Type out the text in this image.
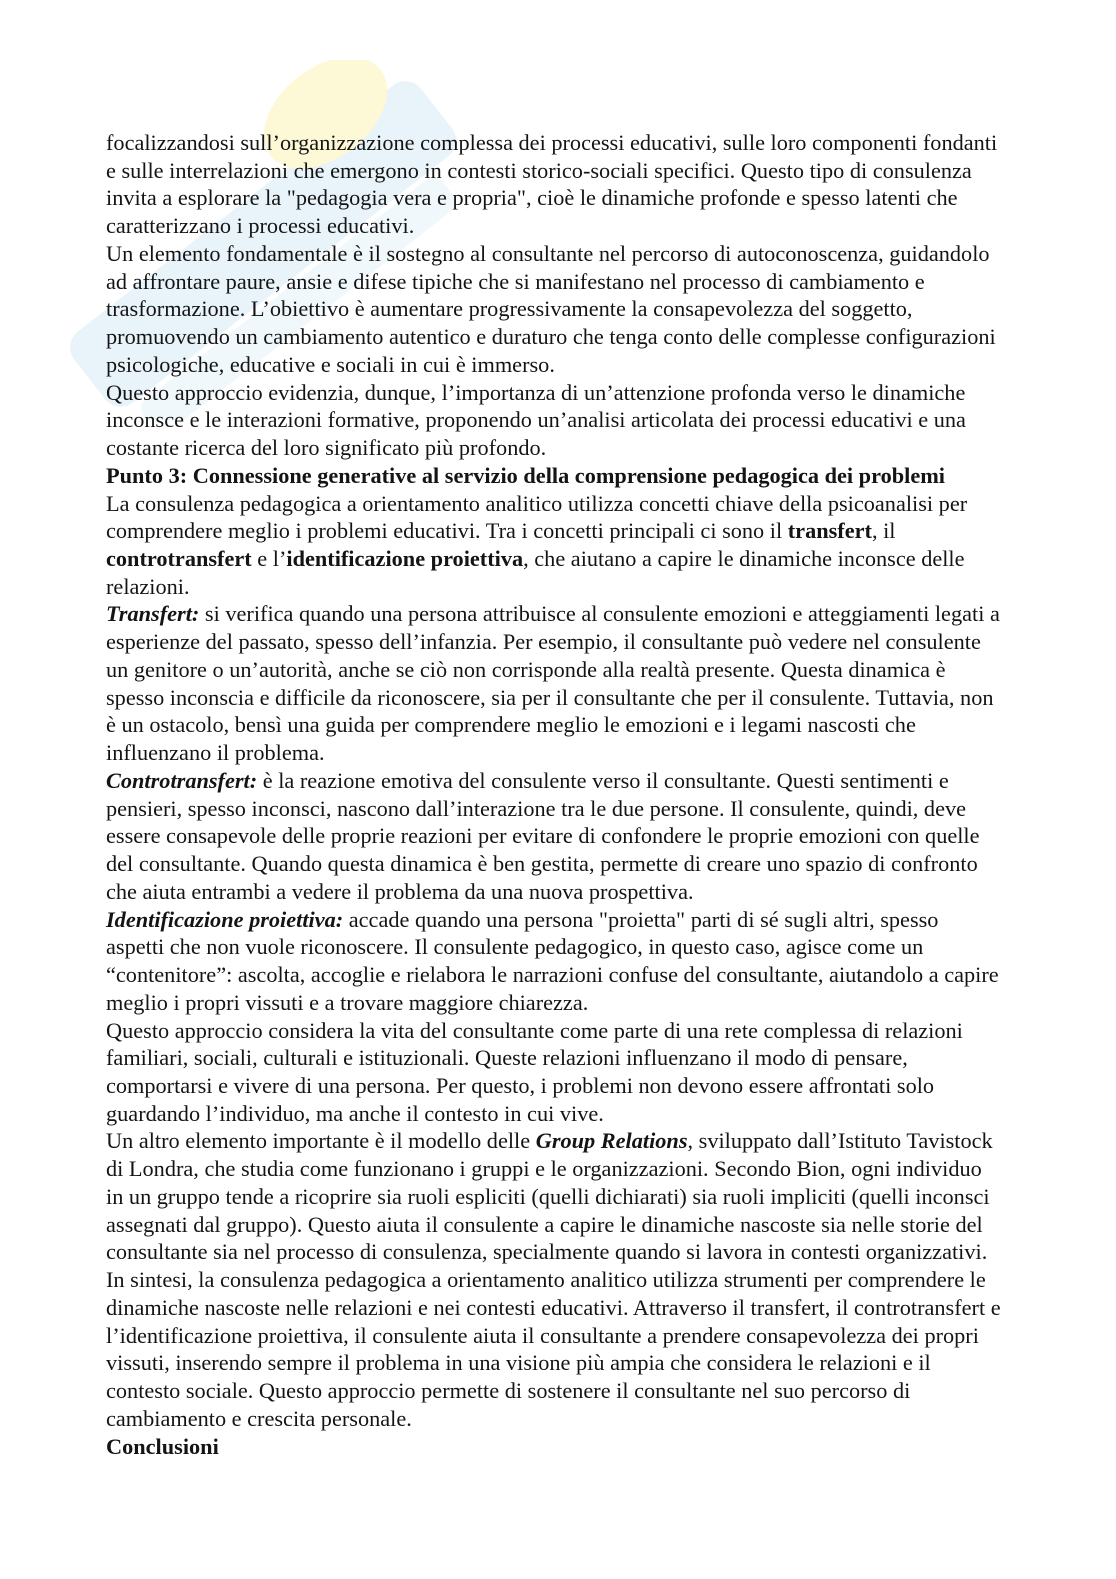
focalizzandosi sull’organizzazione complessa dei processi educativi, sulle loro componenti fondanti
e sulle interrelazioni che emergono in contesti storico-sociali specifici. Questo tipo di consulenza
invita a esplorare la "pedagogia vera e propria", cioè le dinamiche profonde e spesso latenti che
caratterizzano i processi educativi.
Un elemento fondamentale è il sostegno al consultante nel percorso di autoconoscenza, guidandolo
ad affrontare paure, ansie e difese tipiche che si manifestano nel processo di cambiamento e
trasformazione. L’obiettivo è aumentare progressivamente la consapevolezza del soggetto,
promuovendo un cambiamento autentico e duraturo che tenga conto delle complesse configurazioni
psicologiche, educative e sociali in cui è immerso.
Questo approccio evidenzia, dunque, l’importanza di un’attenzione profonda verso le dinamiche
inconsce e le interazioni formative, proponendo un’analisi articolata dei processi educativi e una
costante ricerca del loro significato più profondo.
Punto 3: Connessione generative al servizio della comprensione pedagogica dei problemi
La consulenza pedagogica a orientamento analitico utilizza concetti chiave della psicoanalisi per
comprendere meglio i problemi educativi. Tra i concetti principali ci sono il transfert, il
controtransfert e l’identificazione proiettiva, che aiutano a capire le dinamiche inconsce delle
relazioni.
Transfert: si verifica quando una persona attribuisce al consulente emozioni e atteggiamenti legati a
esperienze del passato, spesso dell’infanzia. Per esempio, il consultante può vedere nel consulente
un genitore o un’autorità, anche se ciò non corrisponde alla realtà presente. Questa dinamica è
spesso inconscia e difficile da riconoscere, sia per il consultante che per il consulente. Tuttavia, non
è un ostacolo, bensì una guida per comprendere meglio le emozioni e i legami nascosti che
influenzano il problema.
Controtransfert: è la reazione emotiva del consulente verso il consultante. Questi sentimenti e
pensieri, spesso inconsci, nascono dall’interazione tra le due persone. Il consulente, quindi, deve
essere consapevole delle proprie reazioni per evitare di confondere le proprie emozioni con quelle
del consultante. Quando questa dinamica è ben gestita, permette di creare uno spazio di confronto
che aiuta entrambi a vedere il problema da una nuova prospettiva.
Identificazione proiettiva: accade quando una persona "proietta" parti di sé sugli altri, spesso
aspetti che non vuole riconoscere. Il consulente pedagogico, in questo caso, agisce come un
“contenitore”: ascolta, accoglie e rielabora le narrazioni confuse del consultante, aiutandolo a capire
meglio i propri vissuti e a trovare maggiore chiarezza.
Questo approccio considera la vita del consultante come parte di una rete complessa di relazioni
familiari, sociali, culturali e istituzionali. Queste relazioni influenzano il modo di pensare,
comportarsi e vivere di una persona. Per questo, i problemi non devono essere affrontati solo
guardando l’individuo, ma anche il contesto in cui vive.
Un altro elemento importante è il modello delle Group Relations, sviluppato dall’Istituto Tavistock
di Londra, che studia come funzionano i gruppi e le organizzazioni. Secondo Bion, ogni individuo
in un gruppo tende a ricoprire sia ruoli espliciti (quelli dichiarati) sia ruoli impliciti (quelli inconsci
assegnati dal gruppo). Questo aiuta il consulente a capire le dinamiche nascoste sia nelle storie del
consultante sia nel processo di consulenza, specialmente quando si lavora in contesti organizzativi.
In sintesi, la consulenza pedagogica a orientamento analitico utilizza strumenti per comprendere le
dinamiche nascoste nelle relazioni e nei contesti educativi. Attraverso il transfert, il controtransfert e
l’identificazione proiettiva, il consulente aiuta il consultante a prendere consapevolezza dei propri
vissuti, inserendo sempre il problema in una visione più ampia che considera le relazioni e il
contesto sociale. Questo approccio permette di sostenere il consultante nel suo percorso di
cambiamento e crescita personale.
Conclusioni
